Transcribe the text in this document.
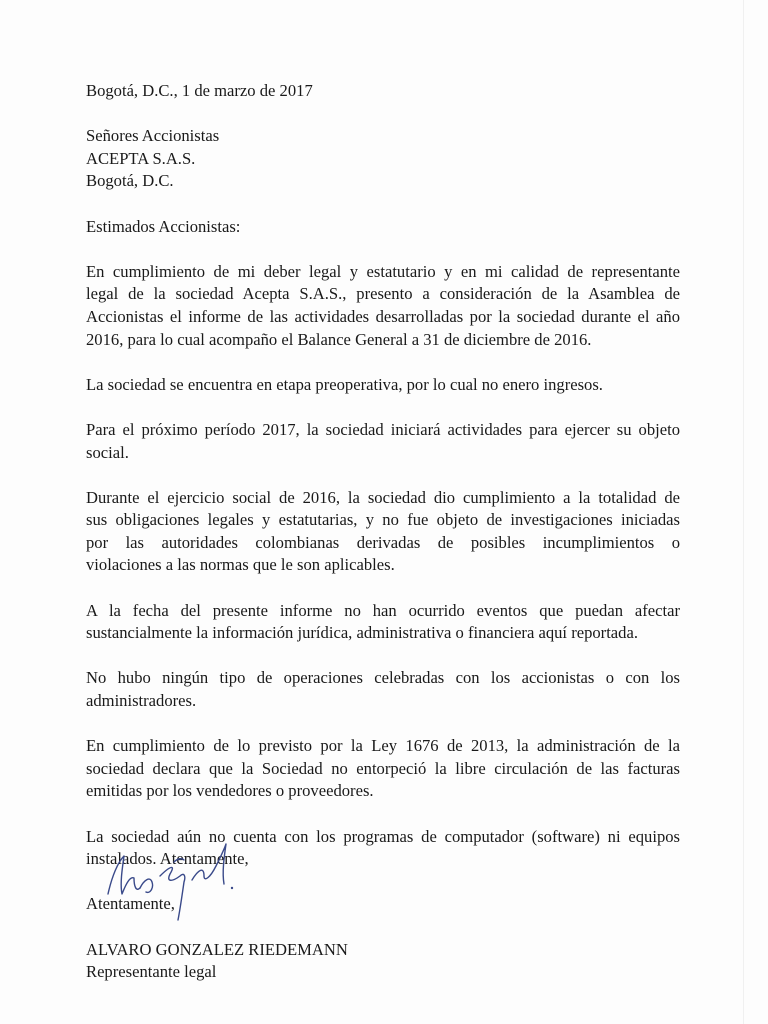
Bogotá, D.C., 1 de marzo de 2017
Señores Accionistas
ACEPTA S.A.S.
Bogotá, D.C.
Estimados Accionistas:
En cumplimiento de mi deber legal y estatutario y en mi calidad de representante
legal de la sociedad Acepta S.A.S., presento a consideración de la Asamblea de
Accionistas el informe de las actividades desarrolladas por la sociedad durante el año
2016, para lo cual acompaño el Balance General a 31 de diciembre de 2016.
La sociedad se encuentra en etapa preoperativa, por lo cual no enero ingresos.
Para el próximo período 2017, la sociedad iniciará actividades para ejercer su objeto
social.
Durante el ejercicio social de 2016, la sociedad dio cumplimiento a la totalidad de
sus obligaciones legales y estatutarias, y no fue objeto de investigaciones iniciadas
por las autoridades colombianas derivadas de posibles incumplimientos o
violaciones a las normas que le son aplicables.
A la fecha del presente informe no han ocurrido eventos que puedan afectar
sustancialmente la información jurídica, administrativa o financiera aquí reportada.
No hubo ningún tipo de operaciones celebradas con los accionistas o con los
administradores.
En cumplimiento de lo previsto por la Ley 1676 de 2013, la administración de la
sociedad declara que la Sociedad no entorpeció la libre circulación de las facturas
emitidas por los vendedores o proveedores.
La sociedad aún no cuenta con los programas de computador (software) ni equipos
instalados. Atentamente,
Atentamente,
ALVARO GONZALEZ RIEDEMANN
Representante legal
